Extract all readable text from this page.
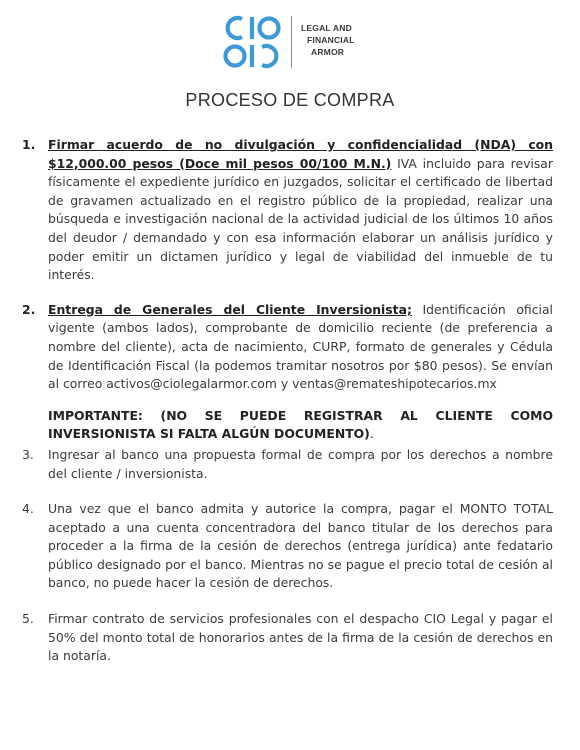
LEGAL AND
FINANCIAL
ARMOR
PROCESO DE COMPRA
1. Firmar acuerdo de no divulgación y confidencialidad (NDA) con $12,000.00 pesos (Doce mil pesos 00/100 M.N.) IVA incluido para revisar físicamente el expediente jurídico en juzgados, solicitar el certificado de libertad de gravamen actualizado en el registro público de la propiedad, realizar una búsqueda e investigación nacional de la actividad judicial de los últimos 10 años del deudor / demandado y con esa información elaborar un análisis jurídico y poder emitir un dictamen jurídico y legal de viabilidad del inmueble de tu interés.
2. Entrega de Generales del Cliente Inversionista; Identificación oficial vigente (ambos lados), comprobante de domicilio reciente (de preferencia a nombre del cliente), acta de nacimiento, CURP, formato de generales y Cédula de Identificación Fiscal (la podemos tramitar nosotros por $80 pesos). Se envían al correo activos@ciolegalarmor.com y ventas@remateshipotecarios.mx
IMPORTANTE: (NO SE PUEDE REGISTRAR AL CLIENTE COMO INVERSIONISTA SI FALTA ALGÚN DOCUMENTO).
3. Ingresar al banco una propuesta formal de compra por los derechos a nombre del cliente / inversionista.
4. Una vez que el banco admita y autorice la compra, pagar el MONTO TOTAL aceptado a una cuenta concentradora del banco titular de los derechos para proceder a la firma de la cesión de derechos (entrega jurídica) ante fedatario público designado por el banco. Mientras no se pague el precio total de cesión al banco, no puede hacer la cesión de derechos.
5. Firmar contrato de servicios profesionales con el despacho CIO Legal y pagar el 50% del monto total de honorarios antes de la firma de la cesión de derechos en la notaría.
